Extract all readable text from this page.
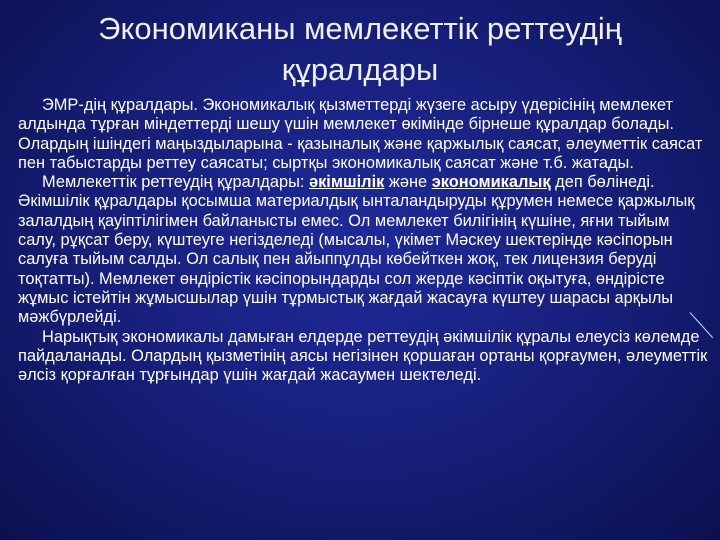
Экономиканы мемлекеттік реттеудің
құралдары

ЭМР-дің құралдары. Экономикалық қызметтерді жүзеге асыру үдерісінің мемлекет алдында тұрған міндеттерді шешу үшін мемлекет өкімінде бірнеше құралдар болады. Олардың ішіндегі маңыздыларына - қазыналық және қаржылық саясат, әлеуметтік саясат пен табыстарды реттеу саясаты; сыртқы экономикалық саясат және т.б. жатады.

Мемлекеттік реттеудің құралдары: әкімшілік және экономикалық деп бөлінеді. Әкімшілік құралдары қосымша материалдық ынталандыруды құрумен немесе қаржылық залалдың қауіптілігімен байланысты емес. Ол мемлекет билігінің күшіне, яғни тыйым салу, рұқсат беру, күштеуге негізделеді (мысалы, үкімет Мәскеу шектерінде кәсіпорын салуға тыйым салды. Ол салық пен айыппұлды көбейткен жоқ, тек лицензия беруді тоқтатты). Мемлекет өндірістік кәсіпорындарды сол жерде кәсіптік оқытуға, өндірісте жұмыс істейтін жұмысшылар үшін тұрмыстық жағдай жасауға күштеу шарасы арқылы мәжбүрлейді.

Нарықтық экономикалы дамыған елдерде реттеудің әкімшілік құралы елеусіз көлемде пайдаланады. Олардың қызметінің аясы негізінен қоршаған ортаны қорғаумен, әлеуметтік әлсіз қорғалған тұрғындар үшін жағдай жасаумен шектеледі.
